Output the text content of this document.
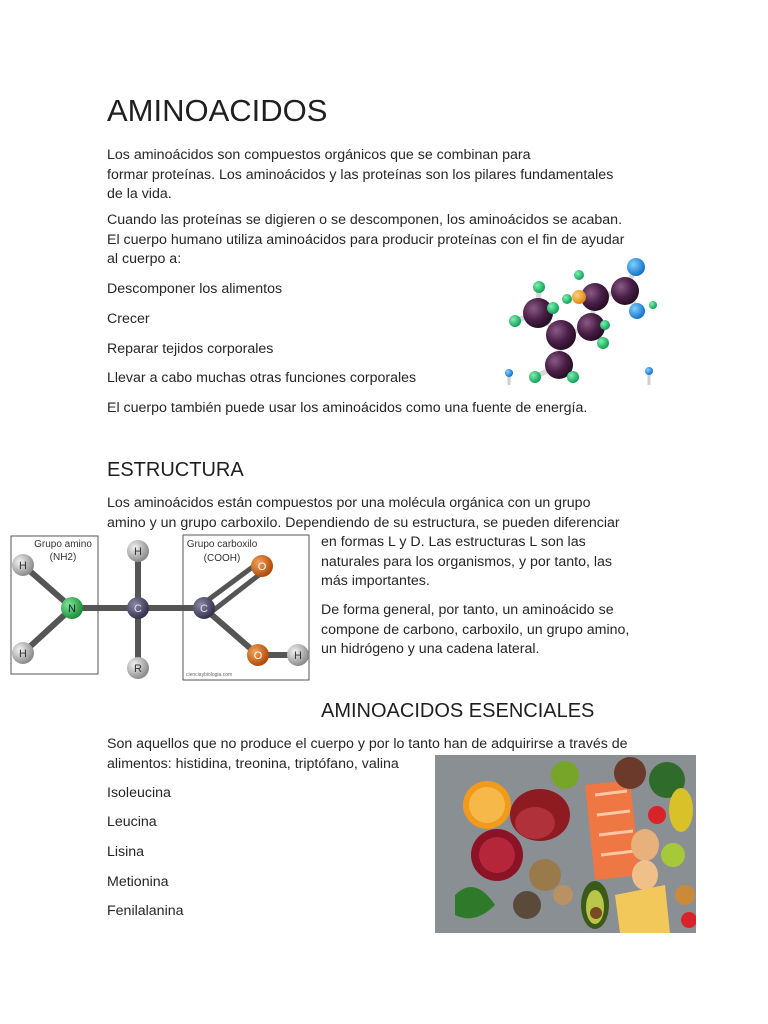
AMINOACIDOS
Los aminoácidos son compuestos orgánicos que se combinan para
formar proteínas. Los aminoácidos y las proteínas son los pilares fundamentales
de la vida.
Cuando las proteínas se digieren o se descomponen, los aminoácidos se acaban.
El cuerpo humano utiliza aminoácidos para producir proteínas con el fin de ayudar
al cuerpo a:
Descomponer los alimentos
Crecer
Reparar tejidos corporales
Llevar a cabo muchas otras funciones corporales
El cuerpo también puede usar los aminoácidos como una fuente de energía.
ESTRUCTURA
Los aminoácidos están compuestos por una molécula orgánica con un grupo
amino y un grupo carboxilo. Dependiendo de su estructura, se pueden diferenciar
en formas L y D. Las estructuras L son las
naturales para los organismos, y por tanto, las
más importantes.
De forma general, por tanto, un aminoácido se
compone de carbono, carboxilo, un grupo amino,
un hidrógeno y una cadena lateral.
Grupo amino
(NH2)
Grupo carboxilo
(COOH)
H
H
N
H
C
R
C
O
O	H
cienciaybiologia.com
AMINOACIDOS ESENCIALES
Son aquellos que no produce el cuerpo y por lo tanto han de adquirirse a través de
alimentos: histidina, treonina, triptófano, valina
Isoleucina
Leucina
Lisina
Metionina
Fenilalanina
